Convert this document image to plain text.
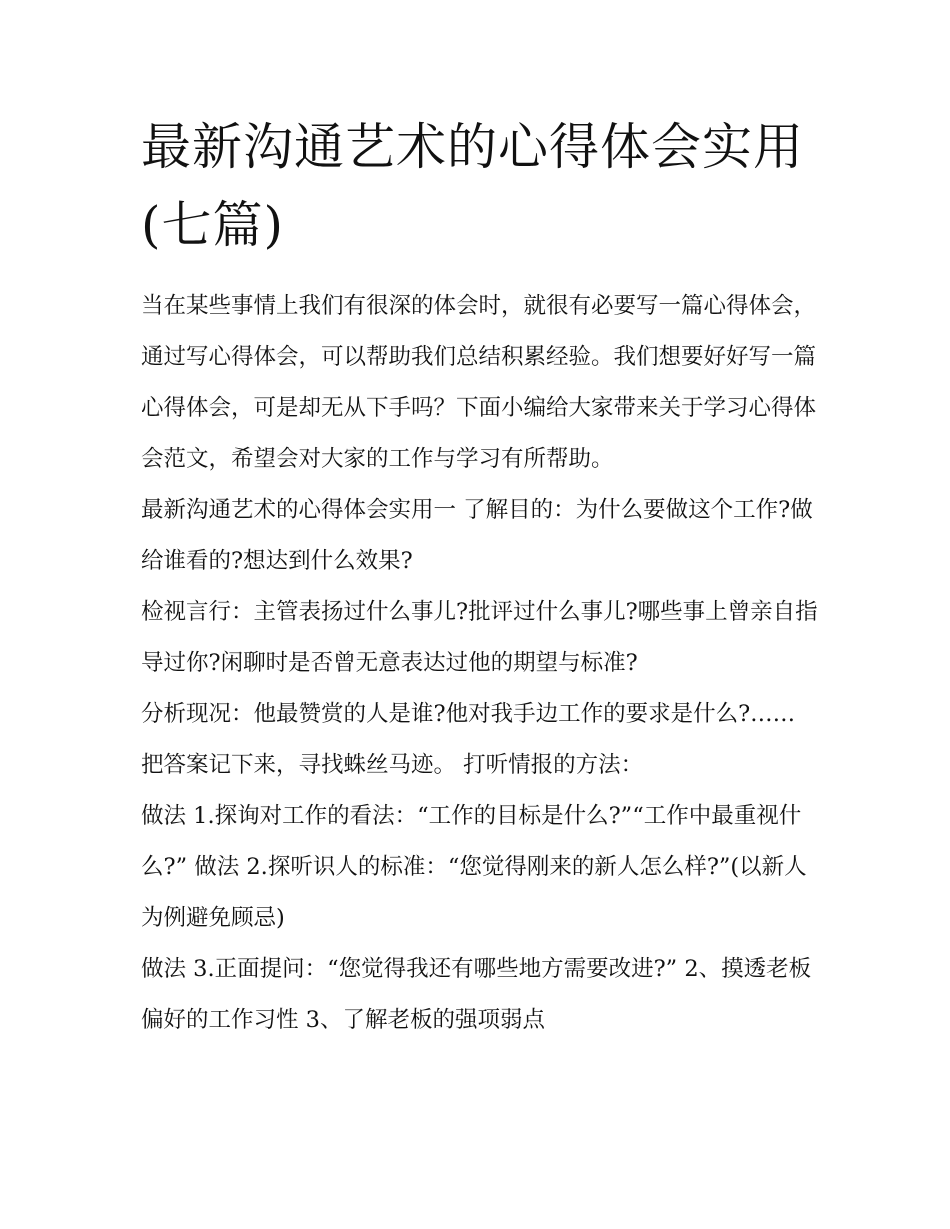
最新沟通艺术的心得体会实用(七篇)

当在某些事情上我们有很深的体会时，就很有必要写一篇心得体会，通过写心得体会，可以帮助我们总结积累经验。我们想要好好写一篇心得体会，可是却无从下手吗？下面小编给大家带来关于学习心得体会范文，希望会对大家的工作与学习有所帮助。

最新沟通艺术的心得体会实用一 了解目的：为什么要做这个工作?做给谁看的?想达到什么效果?

检视言行：主管表扬过什么事儿?批评过什么事儿?哪些事上曾亲自指导过你?闲聊时是否曾无意表达过他的期望与标准?

分析现况：他最赞赏的人是谁?他对我手边工作的要求是什么?…… 把答案记下来，寻找蛛丝马迹。 打听情报的方法：

做法 1.探询对工作的看法：“工作的目标是什么?”“工作中最重视什么?” 做法 2.探听识人的标准：“您觉得刚来的新人怎么样?”(以新人为例避免顾忌)

做法 3.正面提问：“您觉得我还有哪些地方需要改进?” 2、摸透老板偏好的工作习性 3、了解老板的强项弱点
